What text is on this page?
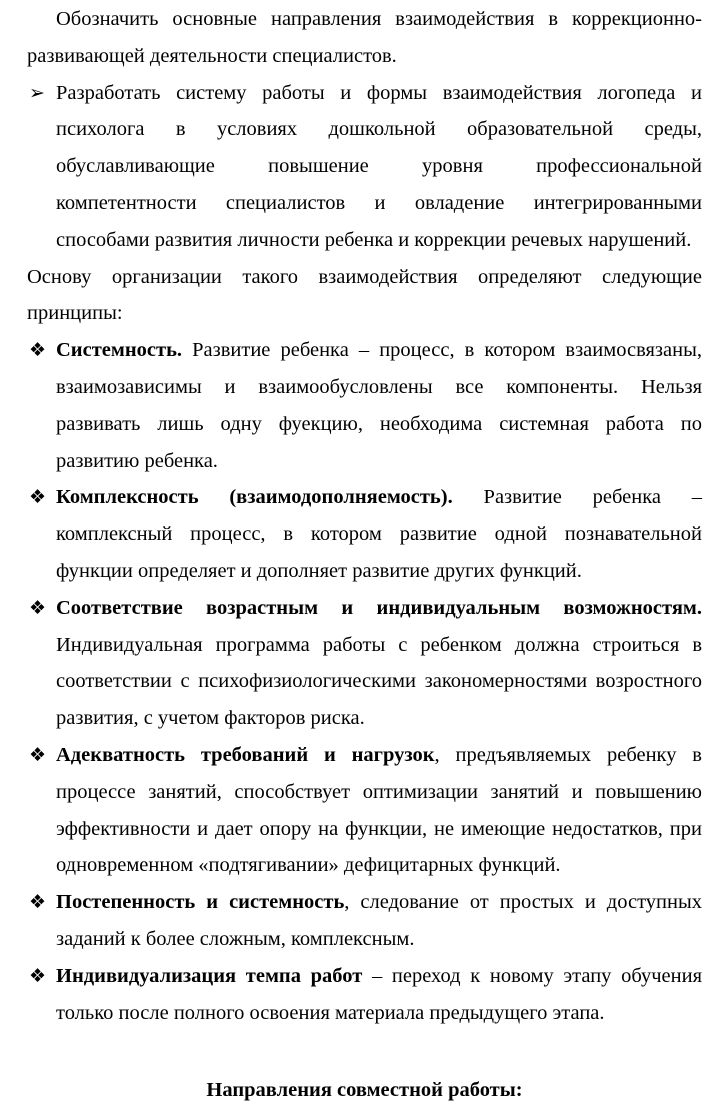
Обозначить основные направления взаимодействия в коррекционно-развивающей деятельности специалистов.

➢ Разработать систему работы и формы взаимодействия логопеда и психолога в условиях дошкольной образовательной среды, обуславливающие повышение уровня профессиональной компетентности специалистов и овладение интегрированными способами развития личности ребенка и коррекции речевых нарушений.

Основу организации такого взаимодействия определяют следующие принципы:

❖ Системность. Развитие ребенка – процесс, в котором взаимосвязаны, взаимозависимы и взаимообусловлены все компоненты. Нельзя развивать лишь одну фуекцию, необходима системная работа по развитию ребенка.

❖ Комплексность (взаимодополняемость). Развитие ребенка – комплексный процесс, в котором развитие одной познавательной функции определяет и дополняет развитие других функций.

❖ Соответствие возрастным и индивидуальным возможностям. Индивидуальная программа работы с ребенком должна строиться в соответствии с психофизиологическими закономерностями возростного развития, с учетом факторов риска.

❖ Адекватность требований и нагрузок, предъявляемых ребенку в процессе занятий, способствует оптимизации занятий и повышению эффективности и дает опору на функции, не имеющие недостатков, при одновременном «подтягивании» дефицитарных функций.

❖ Постепенность и системность, следование от простых и доступных заданий к более сложным, комплексным.

❖ Индивидуализация темпа работ – переход к новому этапу обучения только после полного освоения материала предыдущего этапа.

Направления совместной работы:
